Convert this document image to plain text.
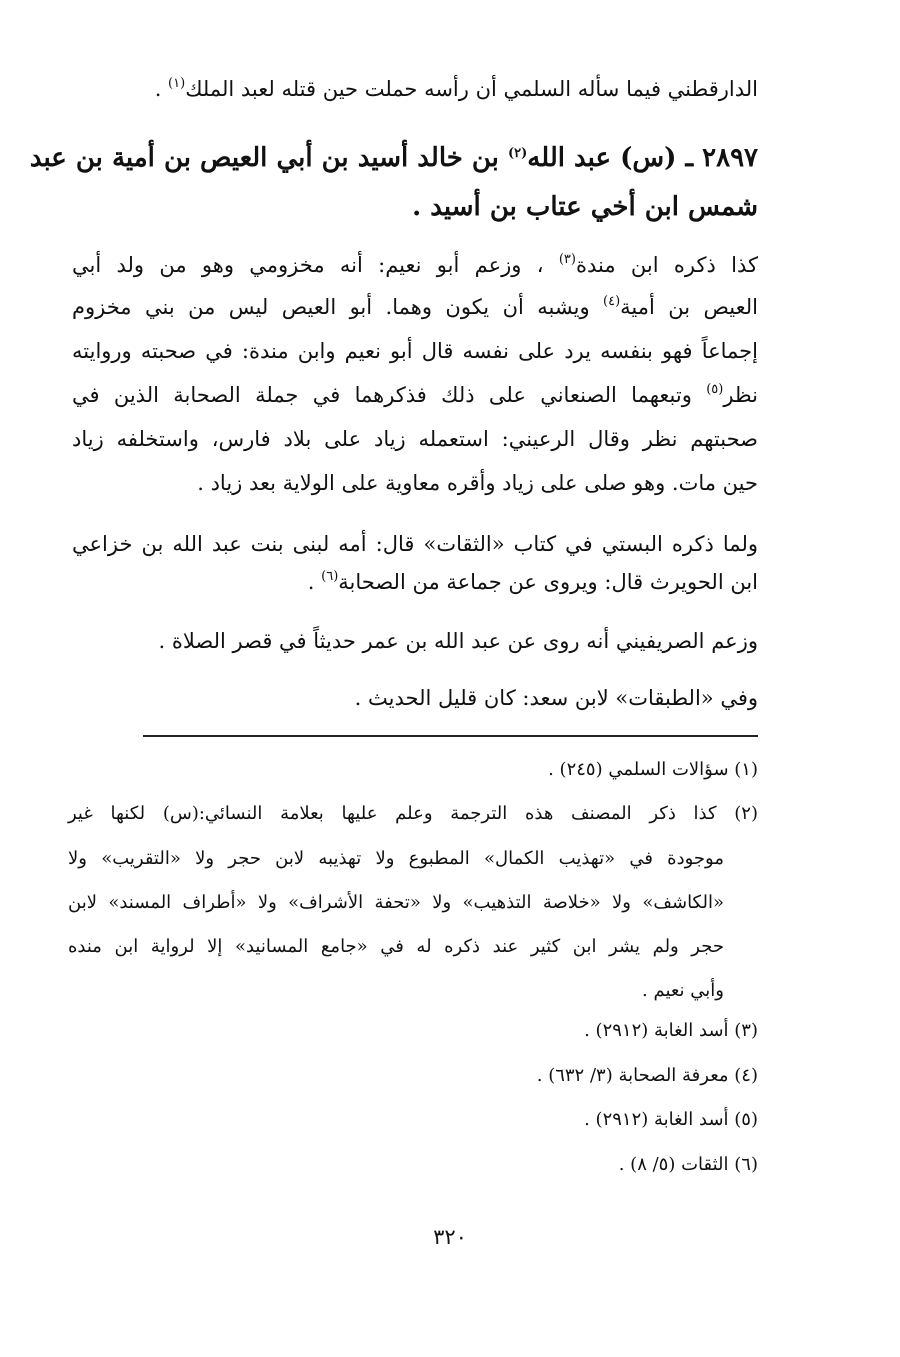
الدارقطني فيما سأله السلمي أن رأسه حملت حين قتله لعبد الملك$^{(١)}$ .
٢٨٩٧ ـ (س) عبد الله$^{(٢)}$ بن خالد أسيد بن أبي العيص بن أمية بن عبد
شمس ابن أخي عتاب بن أسيد .
كذا ذكره ابن مندة$^{(٣)}$ ، وزعم أبو نعيم: أنه مخزومي وهو من ولد أبي
العيص بن أمية$^{(٤)}$ ويشبه أن يكون وهما. أبو العيص ليس من بني مخزوم
إجماعاً فهو بنفسه يرد على نفسه قال أبو نعيم وابن مندة: في صحبته وروايته
نظر$^{(٥)}$ وتبعهما الصنعاني على ذلك فذكرهما في جملة الصحابة الذين في
صحبتهم نظر وقال الرعيني: استعمله زياد على بلاد فارس، واستخلفه زياد
حين مات. وهو صلى على زياد وأقره معاوية على الولاية بعد زياد .
ولما ذكره البستي في كتاب «الثقات» قال: أمه لبنى بنت عبد الله بن خزاعي
ابن الحويرث قال: ويروى عن جماعة من الصحابة$^{(٦)}$ .
وزعم الصريفيني أنه روى عن عبد الله بن عمر حديثاً في قصر الصلاة .
وفي «الطبقات» لابن سعد: كان قليل الحديث .
(١) سؤالات السلمي (٢٤٥) .
(٢) كذا ذكر المصنف هذه الترجمة وعلم عليها بعلامة النسائي:(س) لكنها غير
موجودة في «تهذيب الكمال» المطبوع ولا تهذيبه لابن حجر ولا «التقريب» ولا
«الكاشف» ولا «خلاصة التذهيب» ولا «تحفة الأشراف» ولا «أطراف المسند» لابن
حجر ولم يشر ابن كثير عند ذكره له في «جامع المسانيد» إلا لرواية ابن منده
وأبي نعيم .
(٣) أسد الغابة (٢٩١٢) .
(٤) معرفة الصحابة (٣/ ٦٣٢) .
(٥) أسد الغابة (٢٩١٢) .
(٦) الثقات (٥/ ٨) .
٣٢٠
